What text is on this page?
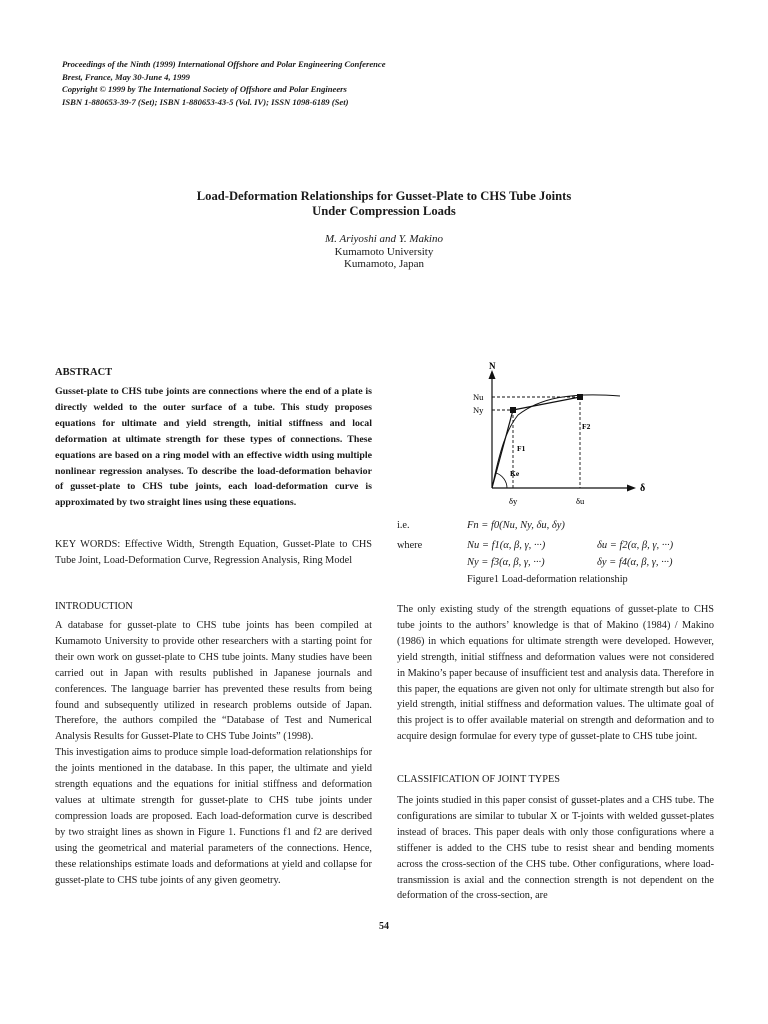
Proceedings of the Ninth (1999) International Offshore and Polar Engineering Conference
Brest, France, May 30-June 4, 1999
Copyright © 1999 by The International Society of Offshore and Polar Engineers
ISBN 1-880653-39-7 (Set); ISBN 1-880653-43-5 (Vol. IV); ISSN 1098-6189 (Set)
Load-Deformation Relationships for Gusset-Plate to CHS Tube Joints
Under Compression Loads
M. Ariyoshi and Y. Makino
Kumamoto University
Kumamoto, Japan
ABSTRACT
Gusset-plate to CHS tube joints are connections where the end of a plate is directly welded to the outer surface of a tube. This study proposes equations for ultimate and yield strength, initial stiffness and local deformation at ultimate strength for these types of connections. These equations are based on a ring model with an effective width using multiple nonlinear regression analyses. To describe the load-deformation behavior of gusset-plate to CHS tube joints, each load-deformation curve is approximated by two straight lines using these equations.
KEY WORDS: Effective Width, Strength Equation, Gusset-Plate to CHS Tube Joint, Load-Deformation Curve, Regression Analysis, Ring Model
INTRODUCTION

A database for gusset-plate to CHS tube joints has been compiled at Kumamoto University to provide other researchers with a starting point for their own work on gusset-plate to CHS tube joints. Many studies have been carried out in Japan with results published in Japanese journals and conferences. The language barrier has prevented these results from being found and subsequently utilized in research problems outside of Japan. Therefore, the authors compiled the “Database of Test and Numerical Analysis Results for Gusset-Plate to CHS Tube Joints” (1998).

This investigation aims to produce simple load-deformation relationships for the joints mentioned in the database. In this paper, the ultimate and yield strength equations and the equations for initial stiffness and deformation values at ultimate strength for gusset-plate to CHS tube joints under compression loads are proposed. Each load-deformation curve is described by two straight lines as shown in Figure 1. Functions f1 and f2 are derived using the geometrical and material parameters of the connections. Hence, these relationships estimate loads and deformations at yield and collapse for gusset-plate to CHS tube joints of any given geometry.

N
δ
Nu
Ny
F1
F2
Ke
δy	δu
i.e.
where
Fn = f0(Nu, Ny, δu, δy)
Nu = f1(α, β, γ, ···)	δu = f2(α, β, γ, ···)
Ny = f3(α, β, γ, ···)	δy = f4(α, β, γ, ···)
Figure1 Load-deformation relationship
The only existing study of the strength equations of gusset-plate to CHS tube joints to the authors’ knowledge is that of Makino (1984) / Makino (1986) in which equations for ultimate strength were developed. However, yield strength, initial stiffness and deformation values were not considered in Makino’s paper because of insufficient test and analysis data. Therefore in this paper, the equations are given not only for ultimate strength but also for yield strength, initial stiffness and deformation values. The ultimate goal of this project is to offer available material on strength and deformation and to acquire design formulae for every type of gusset-plate to CHS tube joint.
CLASSIFICATION OF JOINT TYPES
The joints studied in this paper consist of gusset-plates and a CHS tube. The configurations are similar to tubular X or T-joints with welded gusset-plates instead of braces. This paper deals with only those configurations where a stiffener is added to the CHS tube to resist shear and bending moments across the cross-section of the CHS tube. Other configurations, where load-transmission is axial and the connection strength is not dependent on the deformation of the cross-section, are
54
